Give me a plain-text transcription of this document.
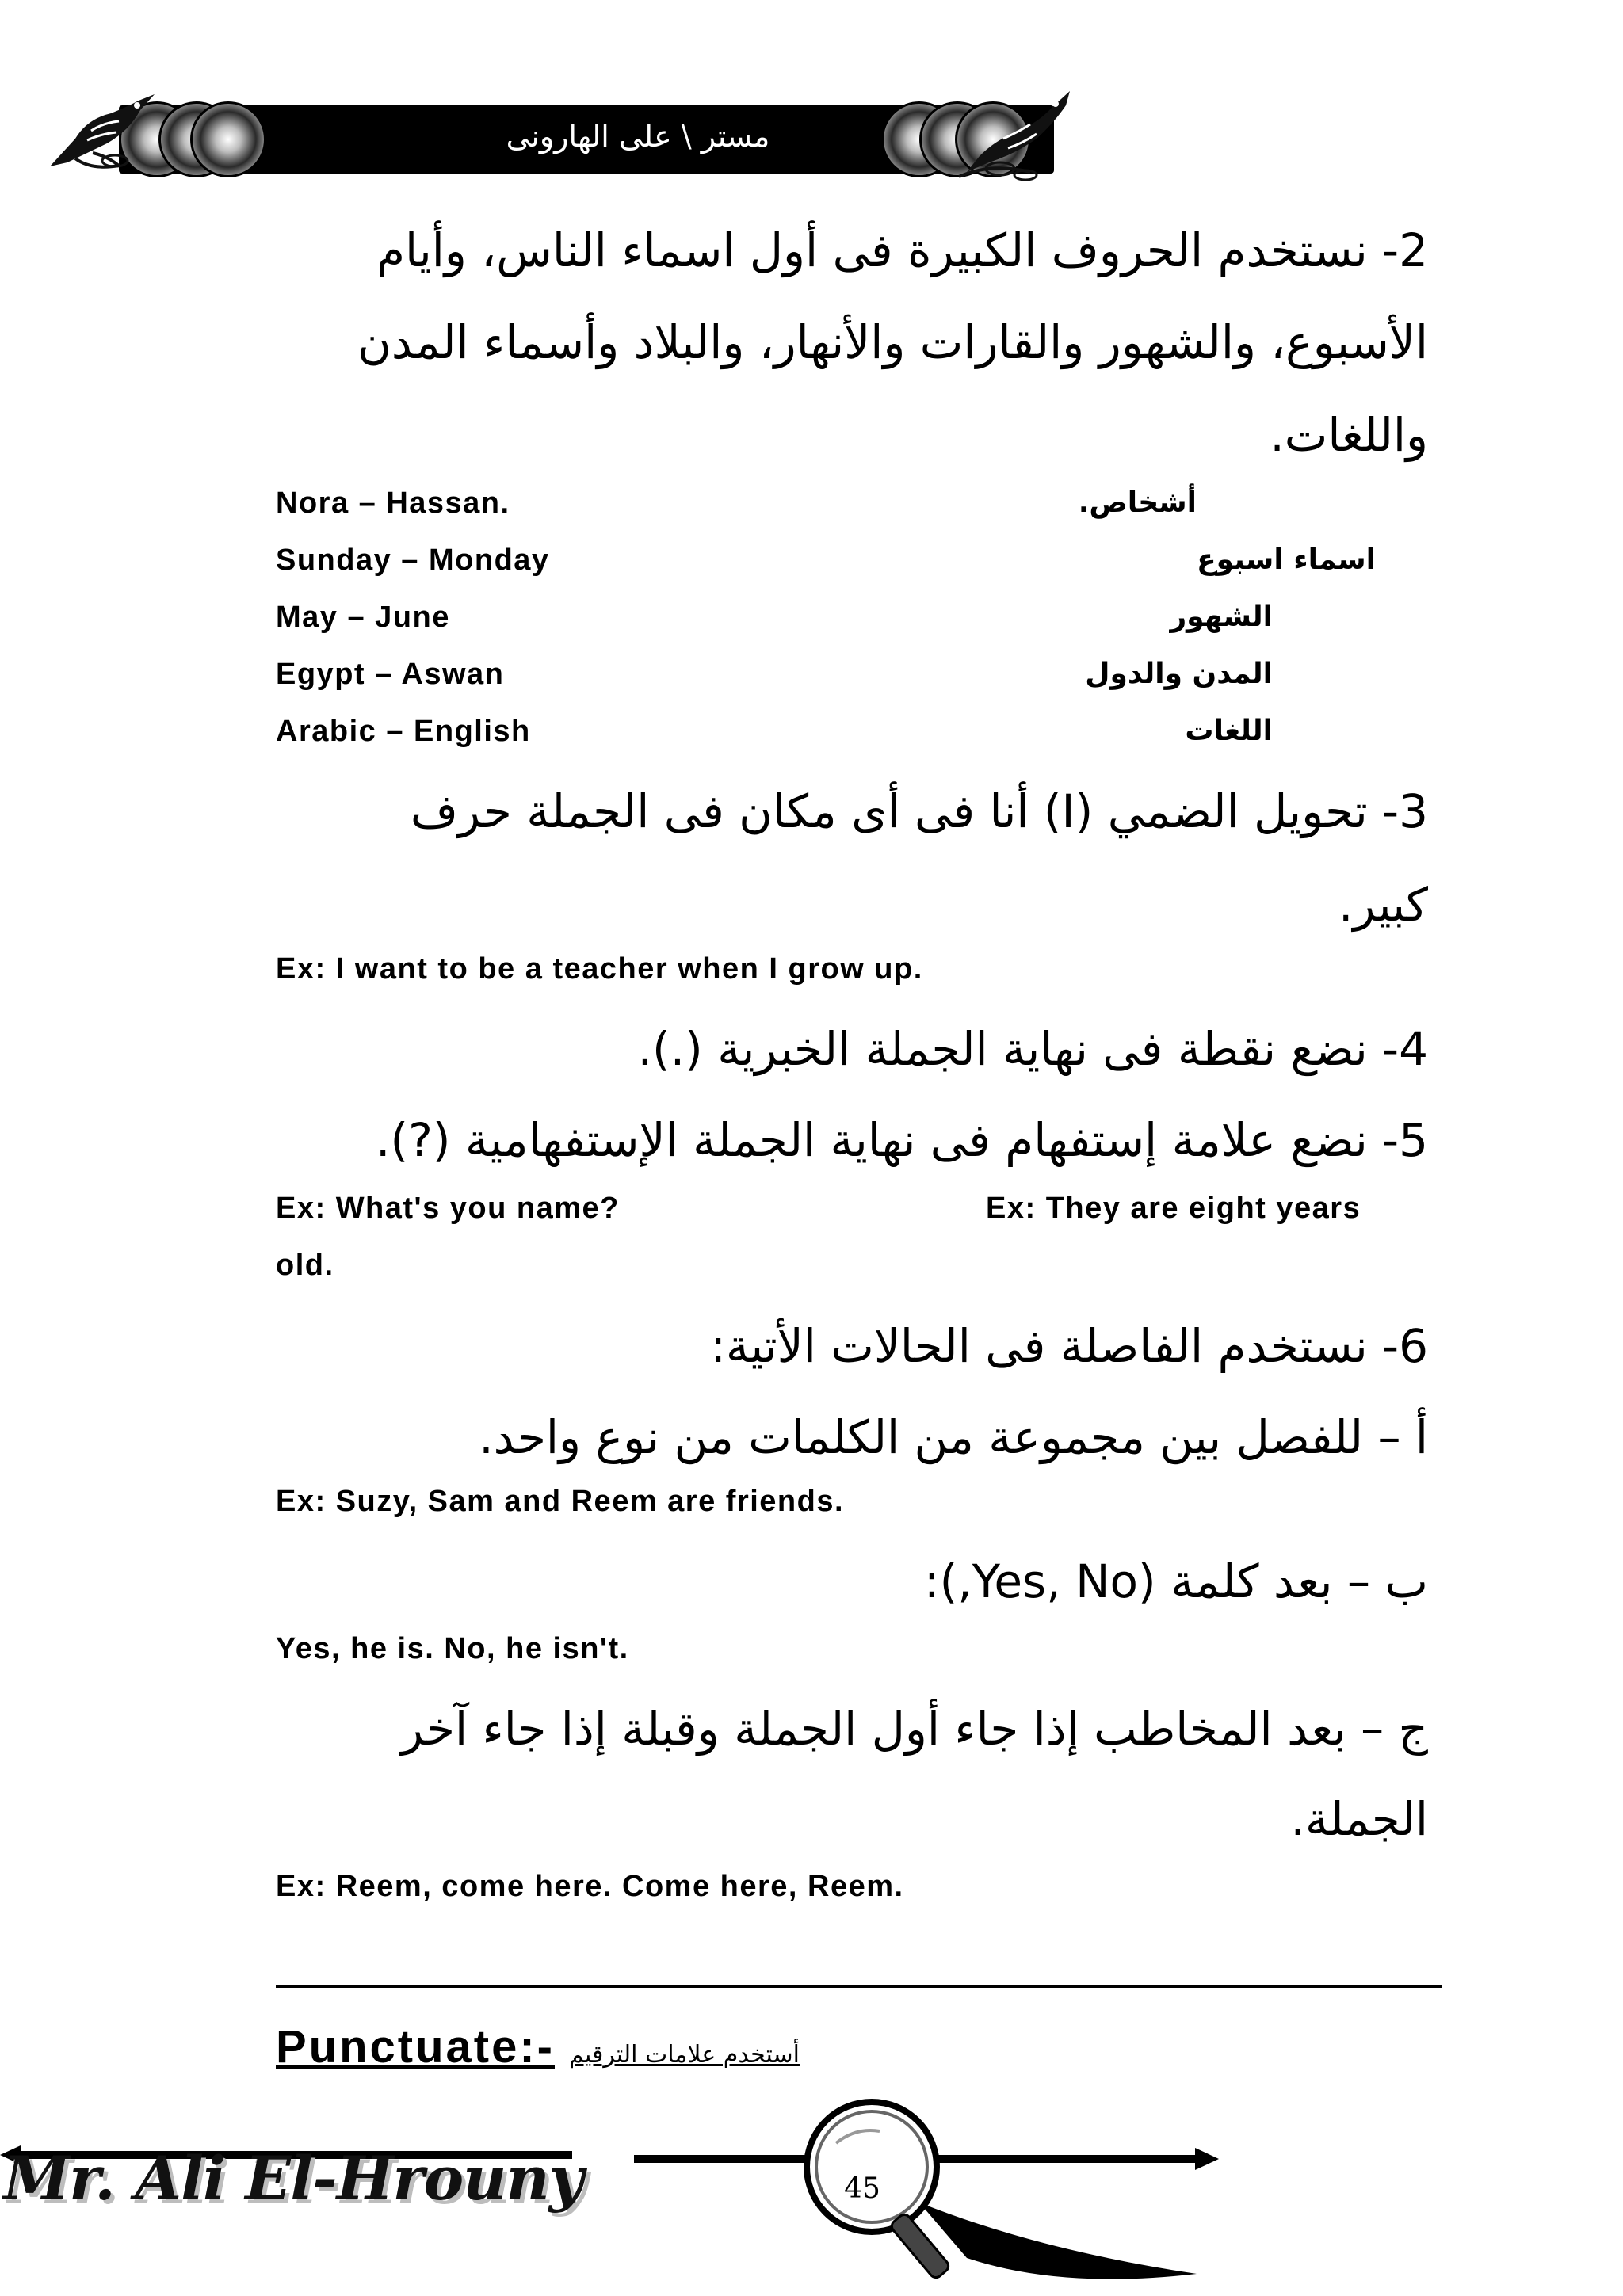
مستر \ على الهارونى
2- نستخدم الحروف الكبيرة فى أول اسماء الناس، وأيام
الأسبوع، والشهور والقارات والأنهار، والبلاد وأسماء المدن
واللغات.
Nora – Hassan.
Sunday – Monday
May – June
Egypt – Aswan
Arabic – English
أشخاص.
اسماء اسبوع
الشهور
المدن والدول
اللغات
3- تحويل الضمي (I) أنا فى أى مكان فى الجملة حرف
كبير.
Ex: I want to be a teacher when I grow up.
4- نضع نقطة فى نهاية الجملة الخبرية (.).
5- نضع علامة إستفهام فى نهاية الجملة الإستفهامية (?).
Ex: What's you name?	Ex: They are eight years
old.
6- نستخدم الفاصلة فى الحالات الأتية:
أ – للفصل بين مجموعة من الكلمات من نوع واحد.
Ex: Suzy, Sam and Reem are friends.
ب – بعد كلمة (Yes, No,):
Yes, he is. No, he isn't.
ج – بعد المخاطب إذا جاء أول الجملة وقبلة إذا جاء آخر
الجملة.
Ex: Reem, come here. Come here, Reem.
Punctuate:- أستخدم علامات الترقيم
45
Mr. Ali El-Hrouny
